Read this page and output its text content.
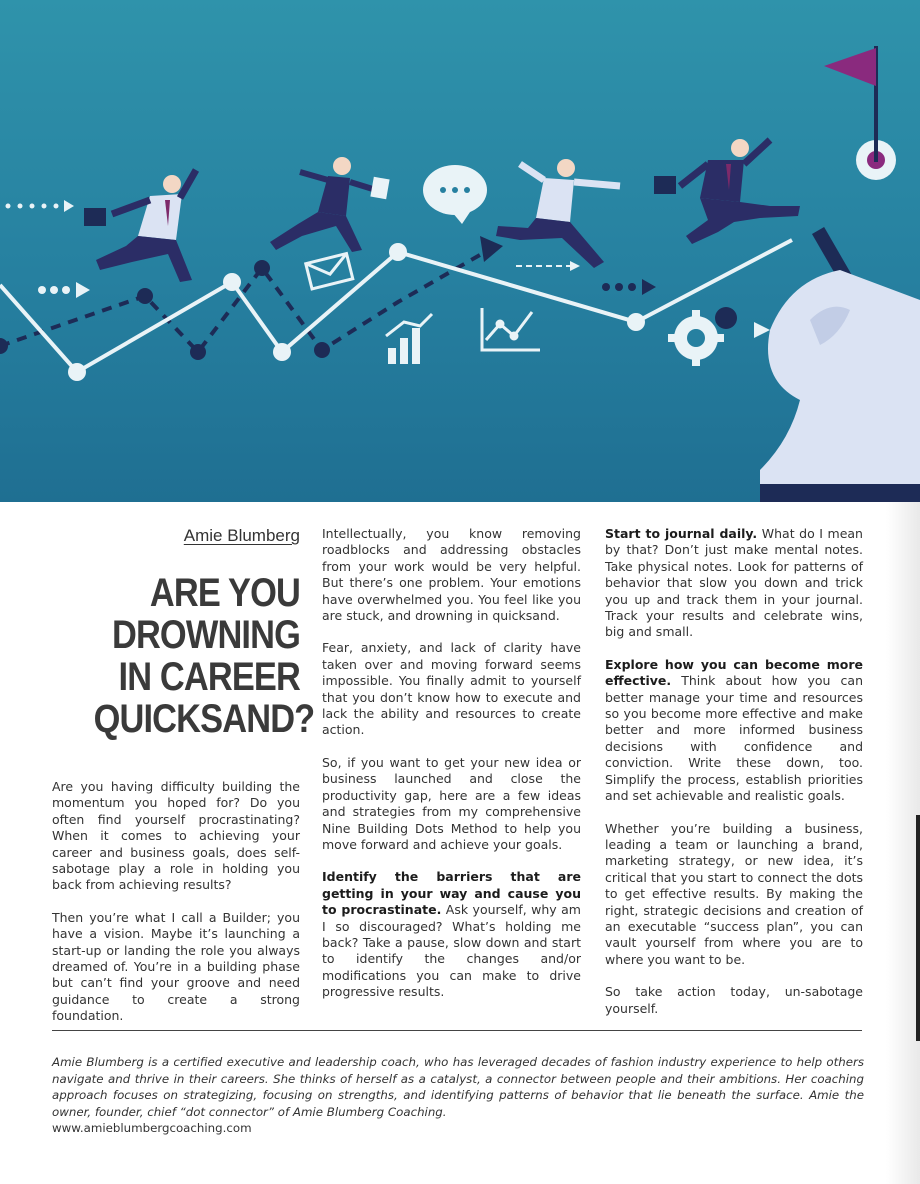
Amie Blumberg
ARE YOU
DROWNING
IN CAREER
QUICKSAND?

Are you having difficulty building the momentum you hoped for? Do you often find yourself procrastinating? When it comes to achieving your career and business goals, does self-sabotage play a role in holding you back from achieving results?

Then you’re what I call a Builder; you have a vision. Maybe it’s launching a start-up or landing the role you always dreamed of. You’re in a building phase but can’t find your groove and need guidance to create a strong foundation.

Intellectually, you know removing roadblocks and addressing obstacles from your work would be very helpful. But there’s one problem. Your emotions have overwhelmed you. You feel like you are stuck, and drowning in quicksand.

Fear, anxiety, and lack of clarity have taken over and moving forward seems impossible. You finally admit to yourself that you don’t know how to execute and lack the ability and resources to create action.

So, if you want to get your new idea or business launched and close the productivity gap, here are a few ideas and strategies from my comprehensive Nine Building Dots Method to help you move forward and achieve your goals.

Identify the barriers that are getting in your way and cause you to procrastinate. Ask yourself, why am I so discouraged? What’s holding me back? Take a pause, slow down and start to identify the changes and/or modifications you can make to drive progressive results.

Start to journal daily. What do I mean by that? Don’t just make mental notes. Take physical notes. Look for patterns of behavior that slow you down and trick you up and track them in your journal. Track your results and celebrate wins, big and small.

Explore how you can become more effective. Think about how you can better manage your time and resources so you become more effective and make better and more informed business decisions with confidence and conviction. Write these down, too. Simplify the process, establish priorities and set achievable and realistic goals.

Whether you’re building a business, leading a team or launching a brand, marketing strategy, or new idea, it’s critical that you start to connect the dots to get effective results. By making the right, strategic decisions and creation of an executable “success plan”, you can vault yourself from where you are to where you want to be.

So take action today, un-sabotage yourself.

Amie Blumberg is a certified executive and leadership coach, who has leveraged decades of fashion industry experience to help others navigate and thrive in their careers. She thinks of herself as a catalyst, a connector between people and their ambitions. Her coaching approach focuses on strategizing, focusing on strengths, and identifying patterns of behavior that lie beneath the surface. Amie the owner, founder, chief “dot connector” of Amie Blumberg Coaching.
www.amieblumbergcoaching.com
